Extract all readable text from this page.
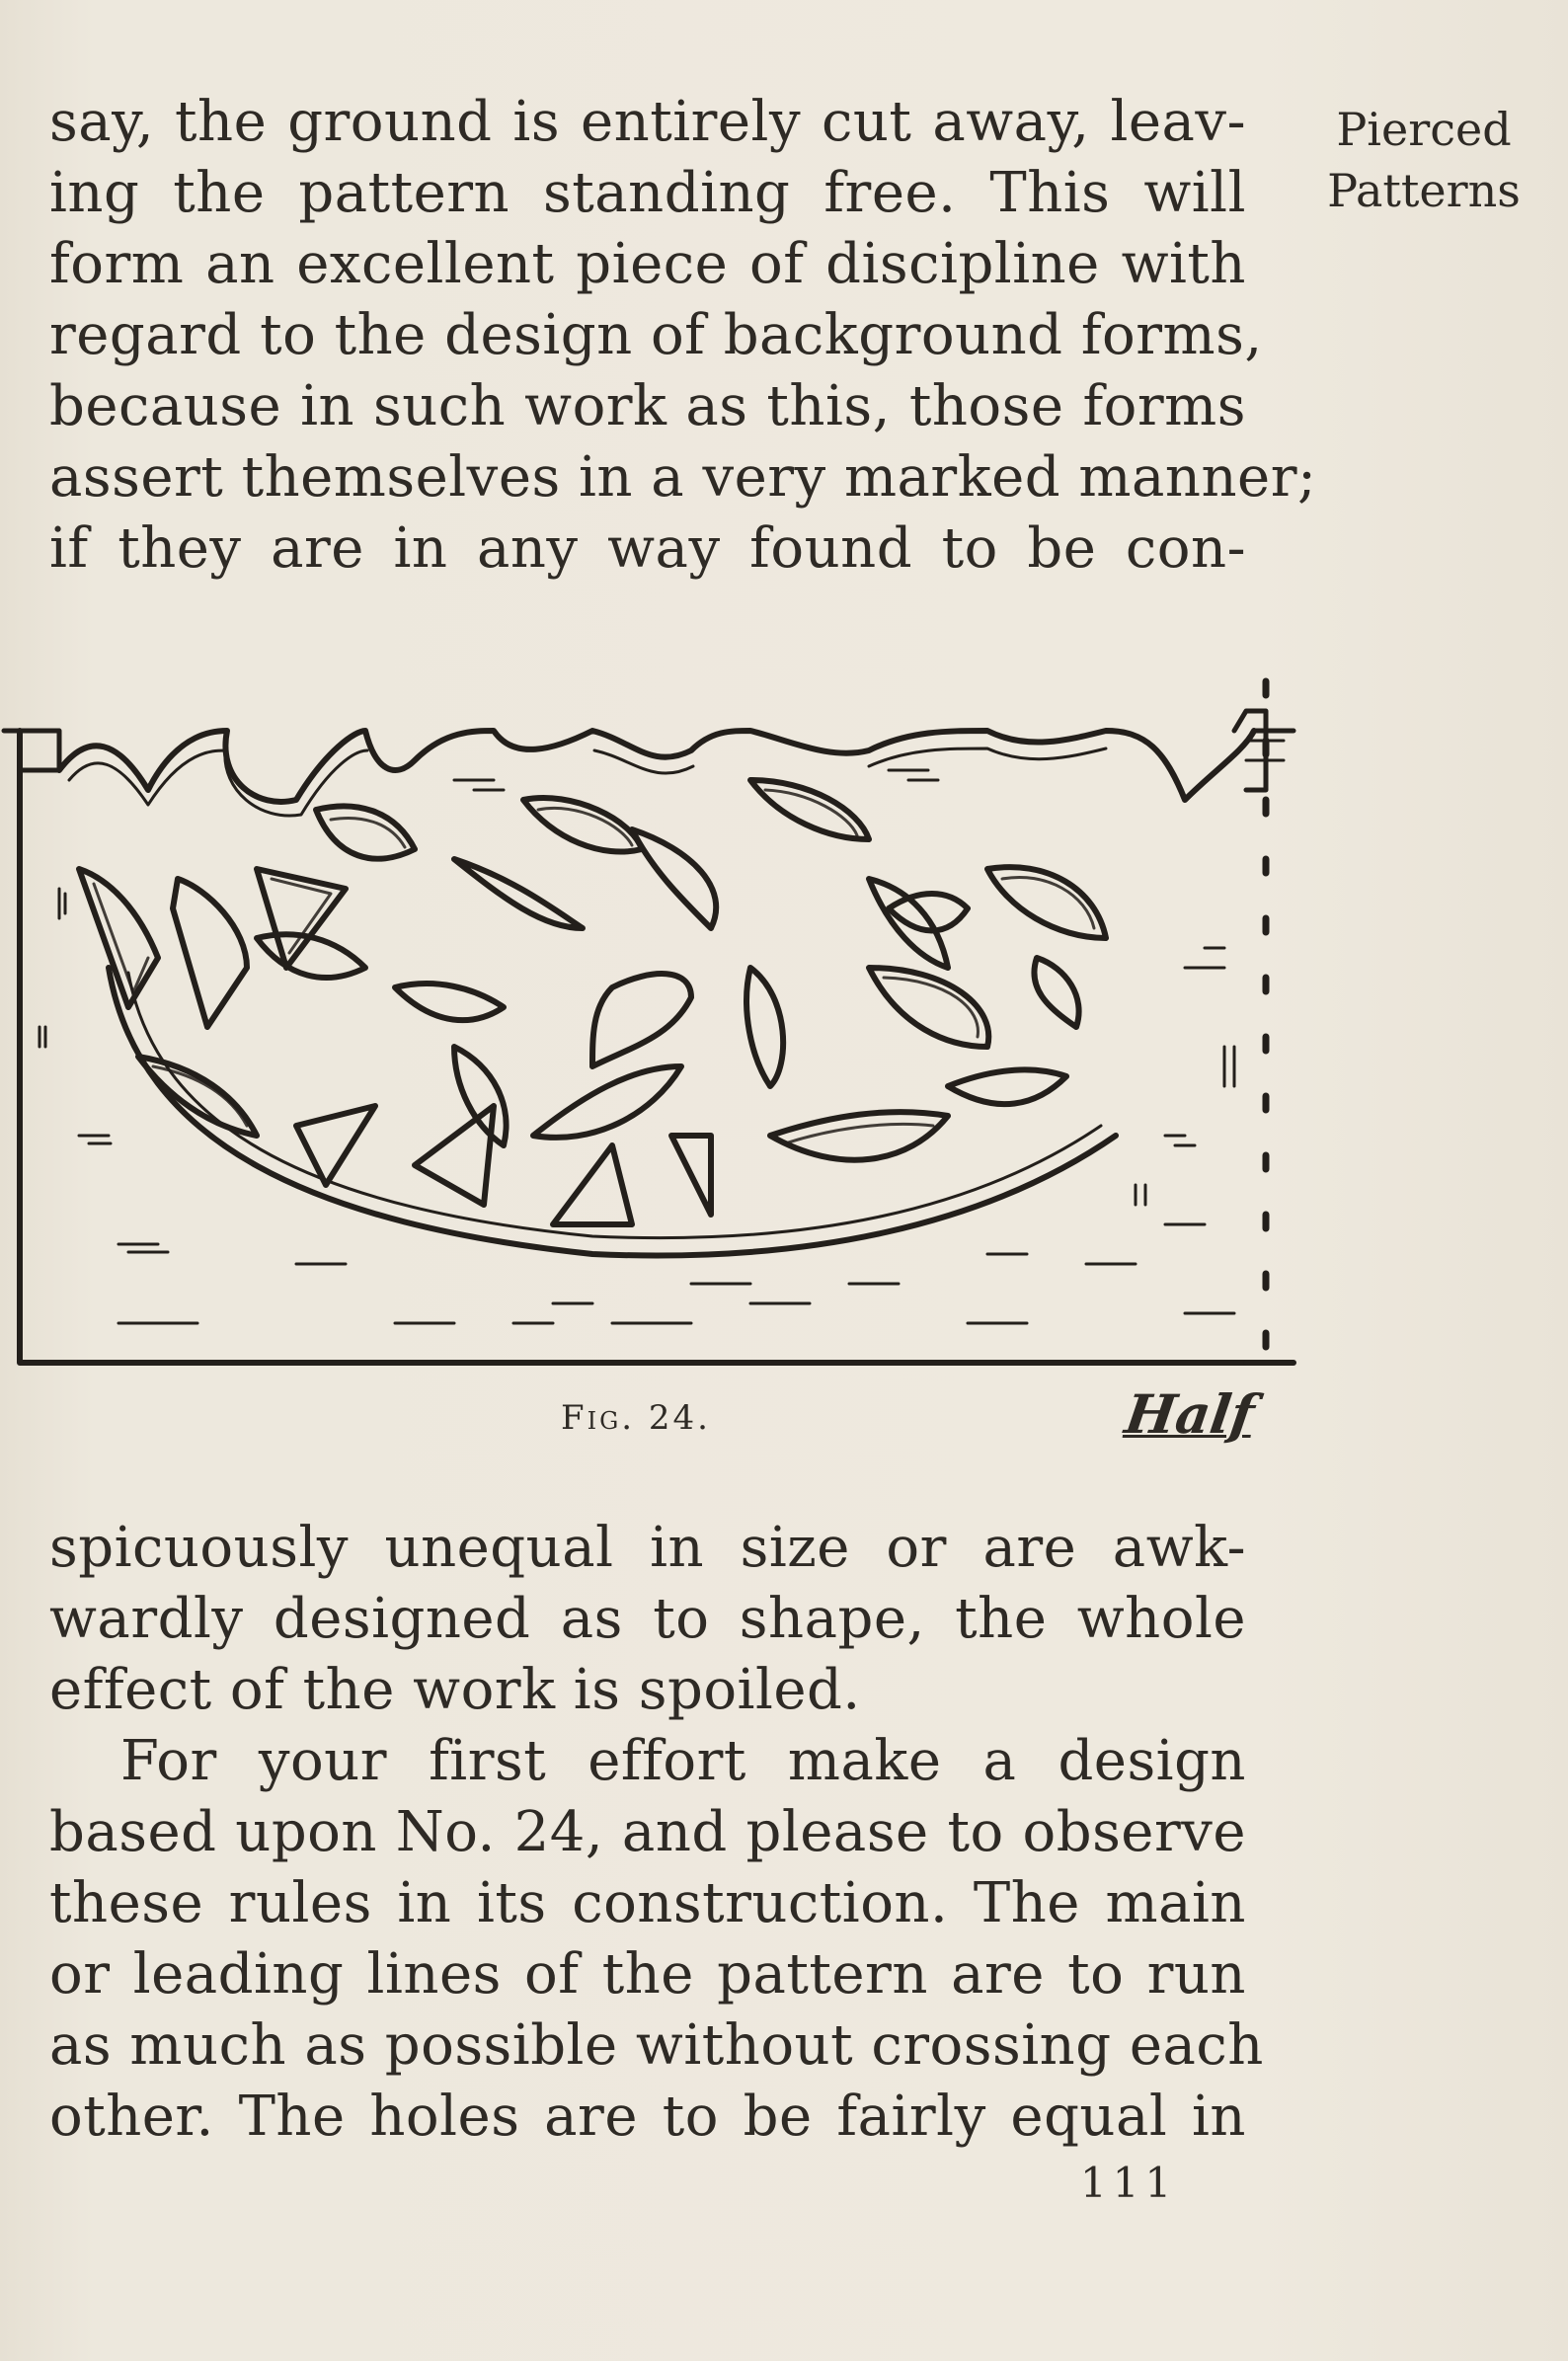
say, the ground is entirely cut away, leav-
ing the pattern standing free. This will
form an excellent piece of discipline with
regard to the design of background forms,
because in such work as this, those forms
assert themselves in a very marked manner;
if they are in any way found to be con-
Pierced
Patterns
Fig. 24.	Half
spicuously unequal in size or are awk-
wardly designed as to shape, the whole
effect of the work is spoiled.
For your first effort make a design
based upon No. 24, and please to observe
these rules in its construction. The main
or leading lines of the pattern are to run
as much as possible without crossing each
other. The holes are to be fairly equal in
111
